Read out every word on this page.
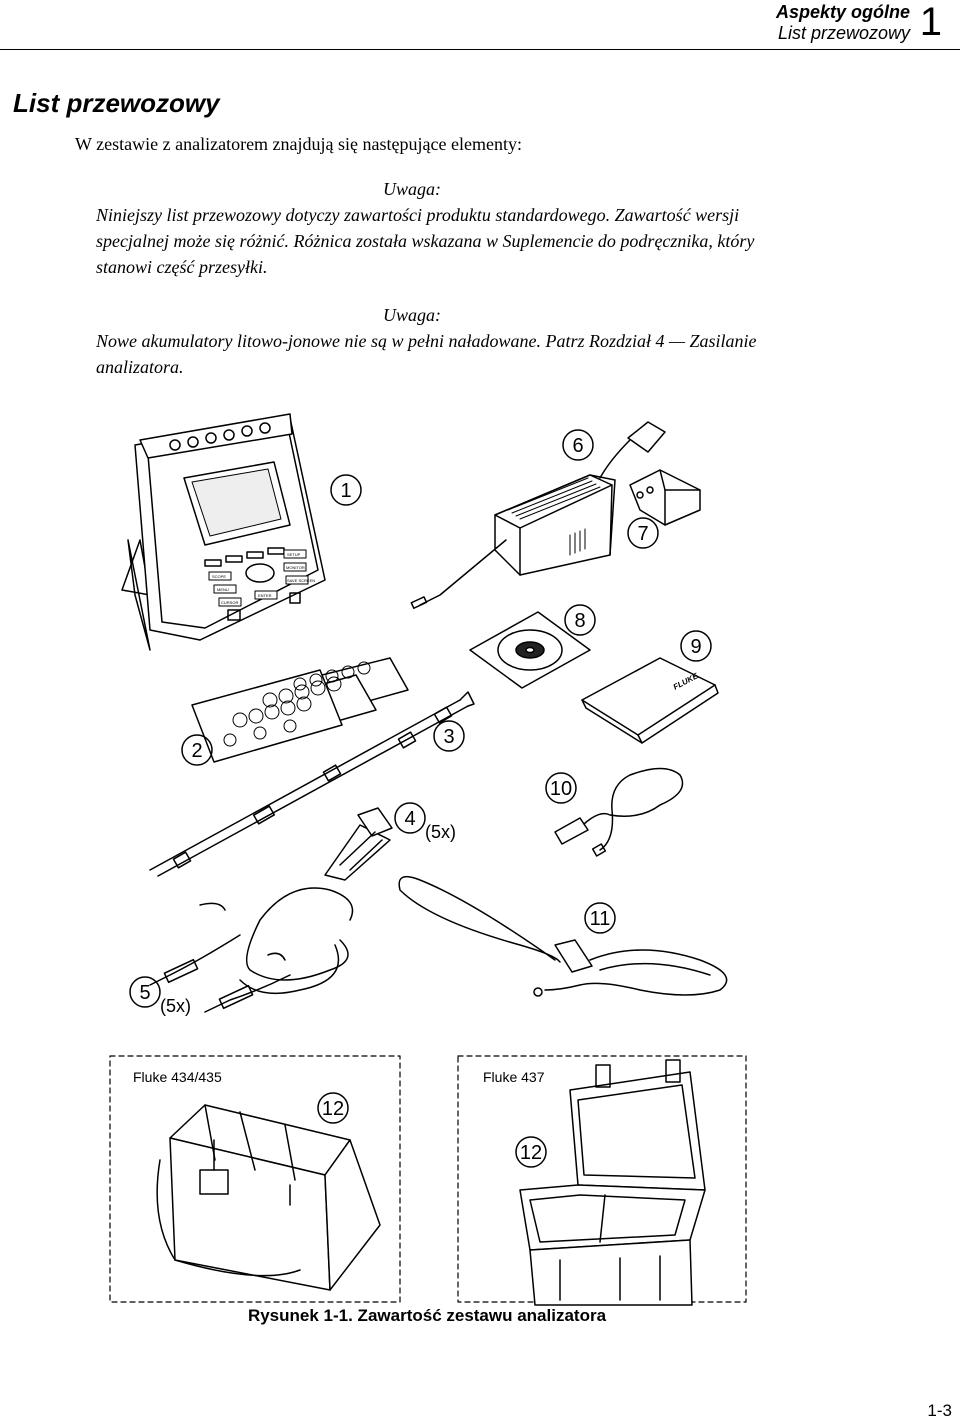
Aspekty ogólne
List przewozowy 1
List przewozowy

W zestawie z analizatorem znajdują się następujące elementy:

Uwaga:
Niniejszy list przewozowy dotyczy zawartości produktu standardowego. Zawartość wersji specjalnej może się różnić. Różnica została wskazana w Suplemencie do podręcznika, który stanowi część przesyłki.
Uwaga:
Nowe akumulatory litowo-jonowe nie są w pełni naładowane. Patrz Rozdział 4 — Zasilanie analizatora.
SETUP
SCOPE
MONITOR
MENU
SAVE SCREEN
CURSOR
ENTER
1
6
7
8
FLUKE
9
2
3
4
(5x)
10
5
(5x)
11
Fluke 434/435
12
Fluke 437
12

Rysunek 1-1. Zawartość zestawu analizatora

1-3
